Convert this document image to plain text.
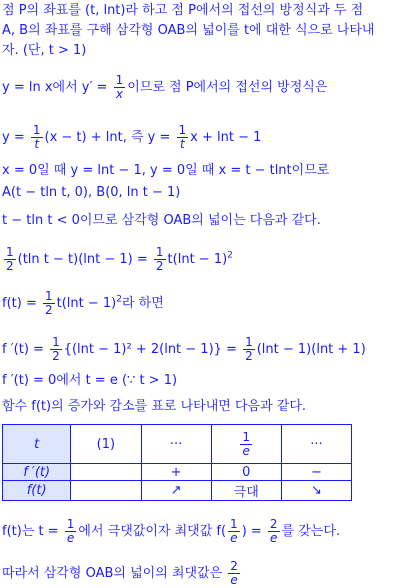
점 P의 좌표를 (t, lnt)라 하고 점 P에서의 접선의 방정식과 두 점
A, B의 좌표를 구해 삼각형 OAB의 넓이를 t에 대한 식으로 나타내
자. (단, t > 1)
y = ln x에서 $y' = \frac{1}{x}$ 이므로 점 P에서의 접선의 방정식은
$y = \frac{1}{t} (x - t) + \ln t$, 즉 $y = \frac{1}{t}$ x + lnt − 1
x = 0일 때 y = lnt − 1, y = 0일 때 x = t − tlnt이므로
A(t − tln t, 0), B(0, ln t − 1)
t − tln t < 0이므로 삼각형 OAB의 넓이는 다음과 같다.
$\frac{1}{2} (tln$ $t - t)(\ln t - 1) = \frac{1}{2} t(\ln t - 1)^2$
$f(t) = \frac{1}{2} t(\ln t - 1)^2$라 하면
f $'(t) = \frac{1}{2} \{(\ln t - 1)^2 + 2(\ln t - 1)\} = \frac{1}{2} (\ln t - 1)(\ln t + 1)$
f ′(t) = 0에서 t = e (∵ t > 1)
함수 f(t)의 증가와 감소를 표로 나타내면 다음과 같다.
t	(1)	···	$\frac{1}{e}$	···
f ′(t)		+	0	−
f(t)		↗	극대	↘
f(t)는 $t = \frac{1}{e}$ 에서 극댓값이자 최댓값 $f( \frac{1}{e}$ ) = $\frac{2}{e}$ 를 갖는다.
따라서 삼각형 OAB의 넓이의 최댓값은 $\frac{2}{e}$
